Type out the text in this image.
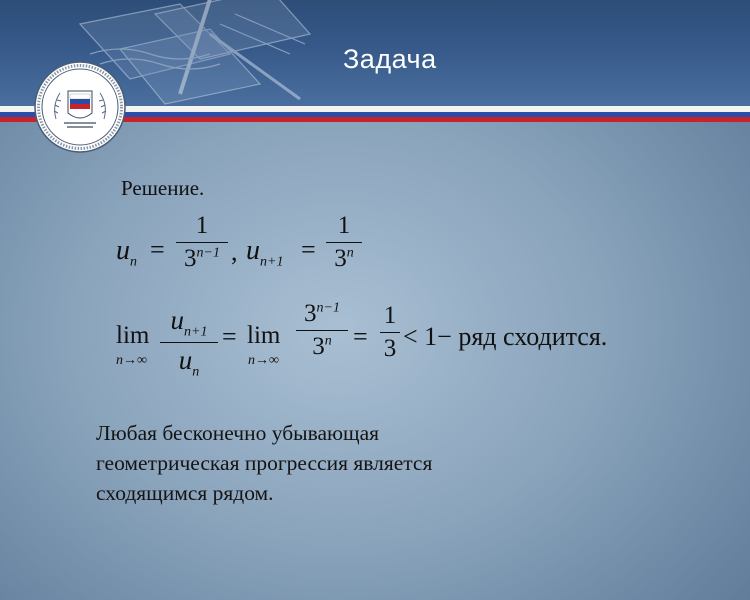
Задача
Решение.
$u_n$ =
1
$3^{n-1}$ , $u_{n+1}$ =
1
3$^n$
lim
n→∞
$u_{n+1}$
$u_n$
= lim
n→∞
$3^{n-1}$
$3^n$ =
1
3 < 1− ряд сходится.
Любая бесконечно убывающая
геометрическая прогрессия является
сходящимся рядом.
